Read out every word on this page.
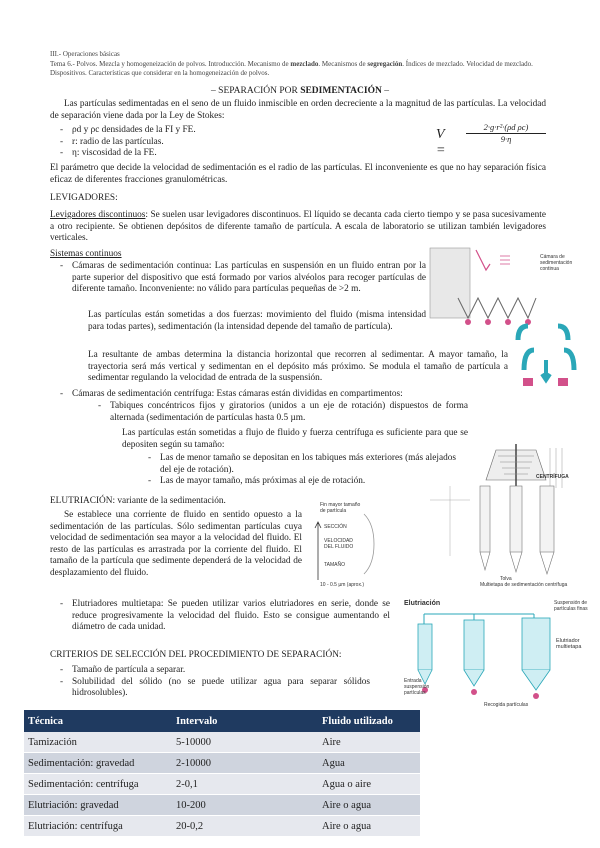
III.- Operaciones básicas
Tema 6.- Polvos. Mezcla y homogeneización de polvos. Introducción. Mecanismo de mezclado. Mecanismos de segregación. Índices de mezclado. Velocidad de mezclado. Dispositivos. Características que considerar en la homogeneización de polvos.
– SEPARACIÓN POR SEDIMENTACIÓN –
Las partículas sedimentadas en el seno de un fluido inmiscible en orden decreciente a la magnitud de las partículas. La velocidad de separación viene dada por la Ley de Stokes:
- ρd y ρc densidades de la FI y FE.
- r: radio de las partículas.
- η: viscosidad de la FE.
V =
2·g·r²·(ρd ρc)
9·η
El parámetro que decide la velocidad de sedimentación es el radio de las partículas. El inconveniente es que no hay separación física eficaz de diferentes fracciones granulométricas.
LEVIGADORES:
Levigadores discontinuos: Se suelen usar levigadores discontinuos. El líquido se decanta cada cierto tiempo y se pasa sucesivamente a otro recipiente. Se obtienen depósitos de diferente tamaño de partícula. A escala de laboratorio se utilizan también levigadores verticales.
Sistemas continuos
- Cámaras de sedimentación continua: Las partículas en suspensión en un fluido entran por la parte superior del dispositivo que está formado por varios alvéolos para recoger partículas de diferente tamaño. Inconveniente: no válido para partículas pequeñas de >2 m.
Las partículas están sometidas a dos fuerzas: movimiento del fluido (misma intensidad para todas partes), sedimentación (la intensidad depende del tamaño de partícula).
La resultante de ambas determina la distancia horizontal que recorren al sedimentar. A mayor tamaño, la trayectoria será más vertical y sedimentan en el depósito más próximo. Se modula el tamaño de partícula a sedimentar regulando la velocidad de entrada de la suspensión.
- Cámaras de sedimentación centrífuga: Estas cámaras están divididas en compartimentos:
- Tabiques concéntricos fijos y giratorios (unidos a un eje de rotación) dispuestos de forma alternada (sedimentación de partículas hasta 0.5 µm.
Las partículas están sometidas a flujo de fluido y fuerza centrífuga es suficiente para que se depositen según su tamaño:
- Las de menor tamaño se depositan en los tabiques más exteriores (más alejados del eje de rotación).
- Las de mayor tamaño, más próximas al eje de rotación.
ELUTRIACIÓN: variante de la sedimentación.
Se establece una corriente de fluido en sentido opuesto a la sedimentación de las partículas. Sólo sedimentan partículas cuya velocidad de sedimentación sea mayor a la velocidad del fluido. El resto de las partículas es arrastrada por la corriente del fluido. El tamaño de la partícula que sedimente dependerá de la velocidad de desplazamiento del fluido.
- Elutriadores multietapa: Se pueden utilizar varios elutriadores en serie, donde se reduce progresivamente la velocidad del fluido. Esto se consigue aumentando el diámetro de cada unidad.
CRITERIOS DE SELECCIÓN DEL PROCEDIMIENTO DE SEPARACIÓN:
- Tamaño de partícula a separar.
- Solubilidad del sólido (no se puede utilizar agua para separar sólidos hidrosolubles).
Técnica	Intervalo	Fluido utilizado
Tamización	5-10000	Aire
Sedimentación: gravedad	2-10000	Agua
Sedimentación: centrífuga	2-0,1	Agua o aire
Elutriación: gravedad	10-200	Aire o agua
Elutriación: centrífuga	20-0,2	Aire o agua
Cámara de sedimentación continua
CENTRÍFUGA
Fin mayor tamaño de partícula
SECCIÓN
VELOCIDAD DEL FLUIDO
TAMAÑO
10 - 0.5 µm (aprox.)
Tolva
Multietapa de sedimentación centrífuga
Elutriación	Suspensión de partículas finas
Elutriador multietapa
Entrada suspensión partículas
Recogida partículas
